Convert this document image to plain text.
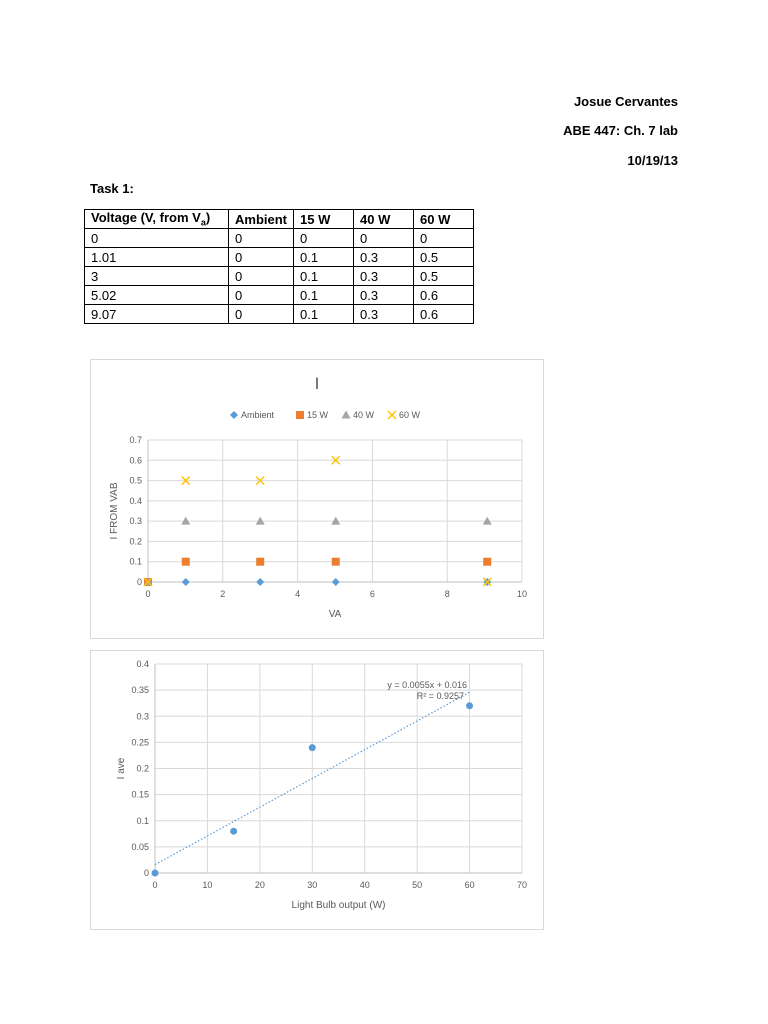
Josue Cervantes
ABE 447: Ch. 7 lab
10/19/13
Task 1:
Voltage (V, from $V_a$)	Ambient	15 W	40 W	60 W
0	0	0	0	0
1.01	0	0.1	0.3	0.5
3	0	0.1	0.3	0.5
5.02	0	0.1	0.3	0.6
9.07	0	0.1	0.3	0.6
I
Ambient	15 W	40 W	60 W
0
0.1
0.2
0.3
0.4
0.5
0.6
0.7
0	2	4	6	8	10
VA
I FROM VAB
0
0.05
0.1
0.15
0.2
0.25
0.3
0.35
0.4
0	10	20	30	40	50	60	70
Light Bulb output (W)
I ave
y = 0.0055x + 0.016
R² = 0.9257
